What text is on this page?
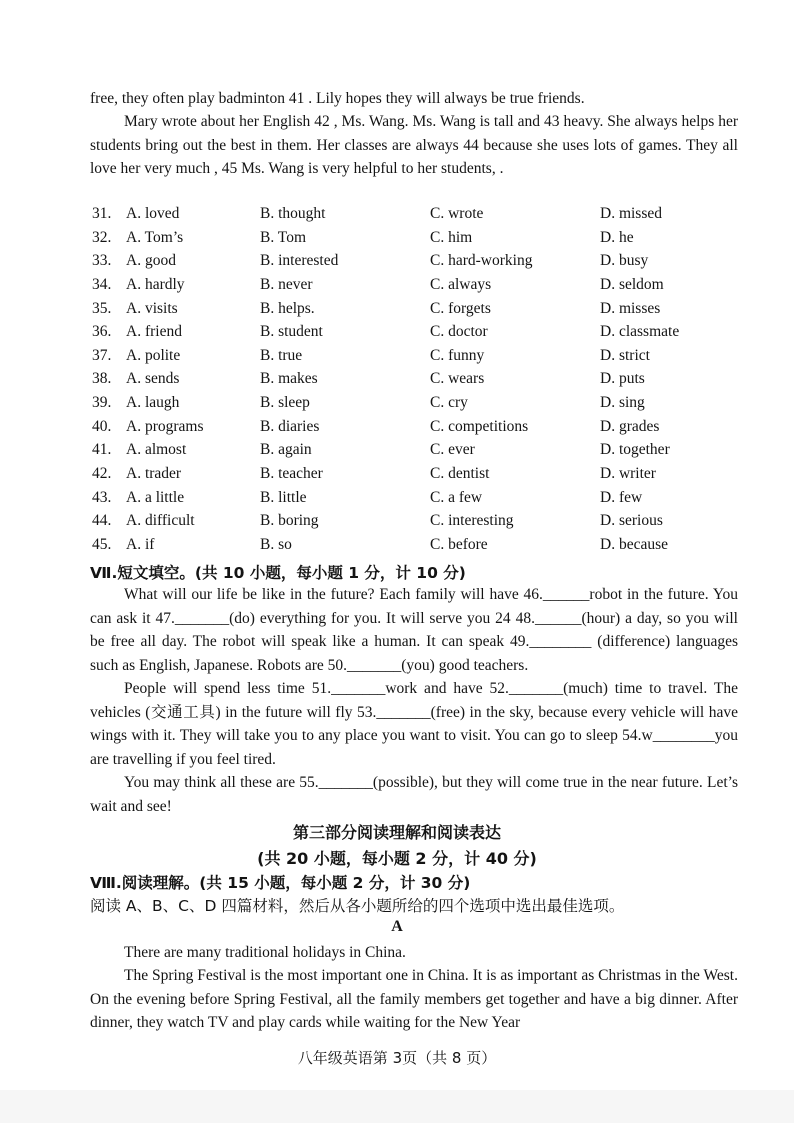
free, they often play badminton 41 . Lily hopes they will always be true friends.

Mary wrote about her English 42 , Ms. Wang. Ms. Wang is tall and 43 heavy. She always helps her students bring out the best in them. Her classes are always 44 because she uses lots of games. They all love her very much , 45 Ms. Wang is very helpful to her students, .

31. A. loved	B. thought	C. wrote	D. missed
32. A. Tom’s	B. Tom	C. him	D. he
33. A. good	B. interested	C. hard-working	D. busy
34. A. hardly	B. never	C. always	D. seldom
35. A. visits	B. helps.	C. forgets	D. misses
36. A. friend	B. student	C. doctor	D. classmate
37. A. polite	B. true	C. funny	D. strict
38. A. sends	B. makes	C. wears	D. puts
39. A. laugh	B. sleep	C. cry	D. sing
40. A. programs	B. diaries	C. competitions	D. grades
41. A. almost	B. again	C. ever	D. together
42. A. trader	B. teacher	C. dentist	D. writer
43. A. a little	B. little	C. a few	D. few
44. A. difficult	B. boring	C. interesting	D. serious
45. A. if	B. so	C. before	D. because
Ⅶ.短文填空。(共 10 小题，每小题 1 分，计 10 分)

What will our life be like in the future? Each family will have 46.______robot in the future. You can ask it 47._______(do) everything for you. It will serve you 24 48.______(hour) a day, so you will be free all day. The robot will speak like a human. It can speak 49.________ (difference) languages such as English, Japanese. Robots are 50._______(you) good teachers.

People will spend less time 51._______work and have 52._______(much) time to travel. The vehicles (交通工具) in the future will fly 53._______(free) in the sky, because every vehicle will have wings with it. They will take you to any place you want to visit. You can go to sleep 54.w________you are travelling if you feel tired.

You may think all these are 55._______(possible), but they will come true in the near future. Let’s wait and see!

第三部分阅读理解和阅读表达
(共 20 小题，每小题 2 分，计 40 分)
Ⅷ.阅读理解。(共 15 小题，每小题 2 分，计 30 分)
阅读 A、B、C、D 四篇材料，然后从各小题所给的四个选项中选出最佳选项。
A

There are many traditional holidays in China.

The Spring Festival is the most important one in China. It is as important as Christmas in the West. On the evening before Spring Festival, all the family members get together and have a big dinner. After dinner, they watch TV and play cards while waiting for the New Year

八年级英语第 3页（共 8 页）
